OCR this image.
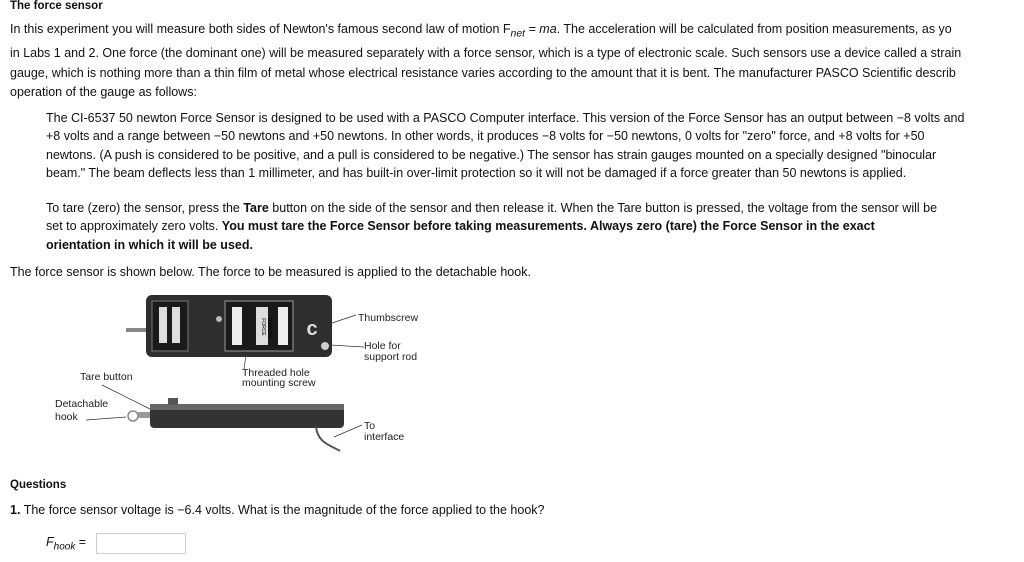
The force sensor
In this experiment you will measure both sides of Newton's famous second law of motion F
$_{net}$ = ma
. The acceleration will be calculated from position measurements, as yo
in Labs 1 and 2. One force (the dominant one) will be measured separately with a force sensor, which is a type of electronic scale. Such sensors use a device called a strain
gauge, which is nothing more than a thin film of metal whose electrical resistance varies according to the amount that it is bent. The manufacturer PASCO Scientific describ
operation of the gauge as follows:
The CI-6537 50 newton Force Sensor is designed to be used with a PASCO Computer interface. This version of the Force Sensor has an output between −8 volts and
+8 volts and a range between −50 newtons and +50 newtons. In other words, it produces −8 volts for −50 newtons, 0 volts for "zero" force, and +8 volts for +50
newtons. (A push is considered to be positive, and a pull is considered to be negative.) The sensor has strain gauges mounted on a specially designed "binocular
beam." The beam deflects less than 1 millimeter, and has built-in over-limit protection so it will not be damaged if a force greater than 50 newtons is applied.
To tare (zero) the sensor, press the Tare button on the side of the sensor and then release it. When the Tare button is pressed, the voltage from the sensor will be
set to approximately zero volts. You must tare the Force Sensor before taking measurements. Always zero (tare) the Force Sensor in the exact
orientation in which it will be used.
The force sensor is shown below. The force to be measured is applied to the detachable hook.
FORCE SENSOR c	Thumbscrew
Hole for
support rod
Threaded hole
mounting screw
Tare button
Detachable
hook
To
interface
Questions
1. The force sensor voltage is −6.4 volts. What is the magnitude of the force applied to the hook?
$F_{hook}$ =
